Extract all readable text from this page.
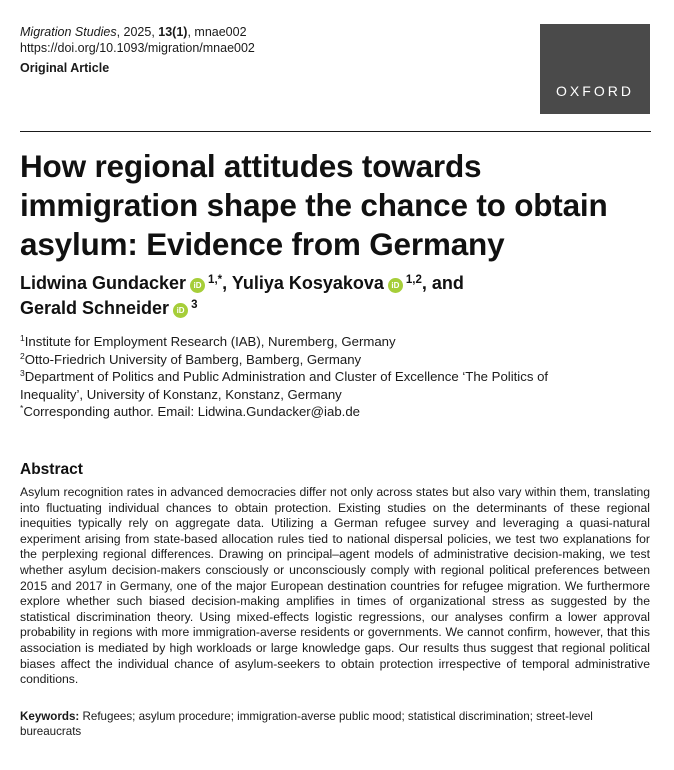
Migration Studies, 2025, 13(1), mnae002
https://doi.org/10.1093/migration/mnae002
Original Article
OXFORD
How regional attitudes towards immigration shape the chance to obtain asylum: Evidence from Germany
Lidwina Gundacker iD $^{1,*}$, Yuliya Kosyakova iD $^{1,2}$, and
Gerald Schneider iD $^3$
$^1$Institute for Employment Research (IAB), Nuremberg, Germany
$^2$Otto-Friedrich University of Bamberg, Bamberg, Germany
$^3$Department of Politics and Public Administration and Cluster of Excellence ‘The Politics of
Inequality’, University of Konstanz, Konstanz, Germany
*Corresponding author. Email: Lidwina.Gundacker@iab.de
Abstract

Asylum recognition rates in advanced democracies differ not only across states but also vary within them, translating into fluctuating individual chances to obtain protection. Existing studies on the determinants of these regional inequities typically rely on aggregate data. Utilizing a German refugee survey and leveraging a quasi-natural experiment arising from state-based allocation rules tied to national dispersal policies, we test two explanations for the perplexing regional differences. Drawing on principal–agent models of administrative decision-making, we test whether asylum decision-makers consciously or unconsciously comply with regional political preferences between 2015 and 2017 in Germany, one of the major European destination countries for refugee migration. We furthermore explore whether such biased decision-making amplifies in times of organizational stress as suggested by the statistical discrimination theory. Using mixed-effects logistic regressions, our analyses confirm a lower approval probability in regions with more immigration-averse residents or governments. We cannot confirm, however, that this association is mediated by high workloads or large knowledge gaps. Our results thus suggest that regional political biases affect the individual chance of asylum-seekers to obtain protection irrespective of temporal administrative conditions.

Keywords: Refugees; asylum procedure; immigration-averse public mood; statistical discrimination; street-level bureaucrats
